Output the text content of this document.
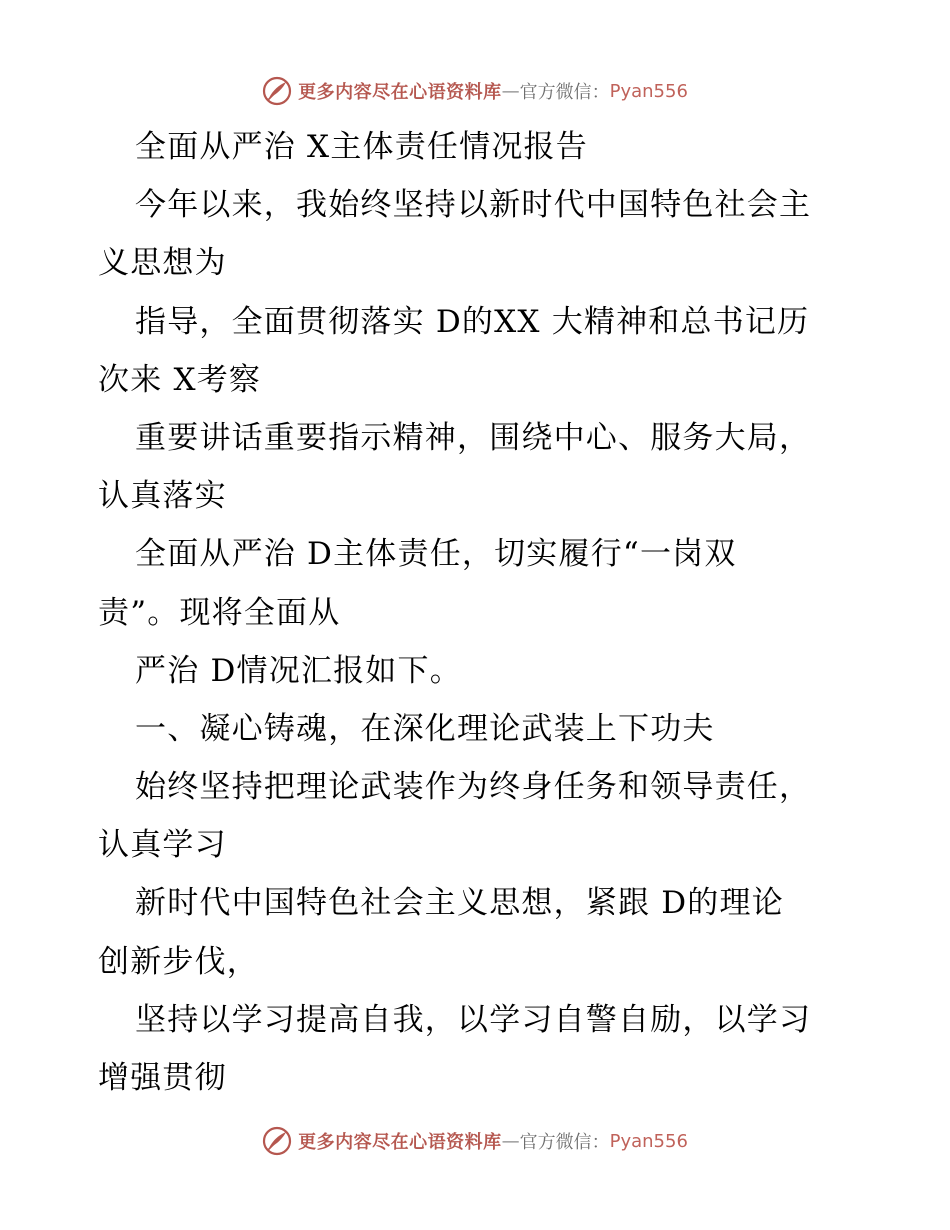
更多内容尽在心语资料库 — 官方微信： Pyan556
全面从严治 X主体责任情况报告
今年以来，我始终坚持以新时代中国特色社会主
义思想为
指导，全面贯彻落实 D的XX 大精神和总书记历
次来 X考察
重要讲话重要指示精神，围绕中心、服务大局，
认真落实
全面从严治 D主体责任，切实履行“一岗双
责”。现将全面从
严治 D情况汇报如下。
一、凝心铸魂，在深化理论武装上下功夫
始终坚持把理论武装作为终身任务和领导责任，
认真学习
新时代中国特色社会主义思想，紧跟 D的理论
创新步伐，
坚持以学习提高自我，以学习自警自励，以学习
增强贯彻
更多内容尽在心语资料库 — 官方微信： Pyan556
